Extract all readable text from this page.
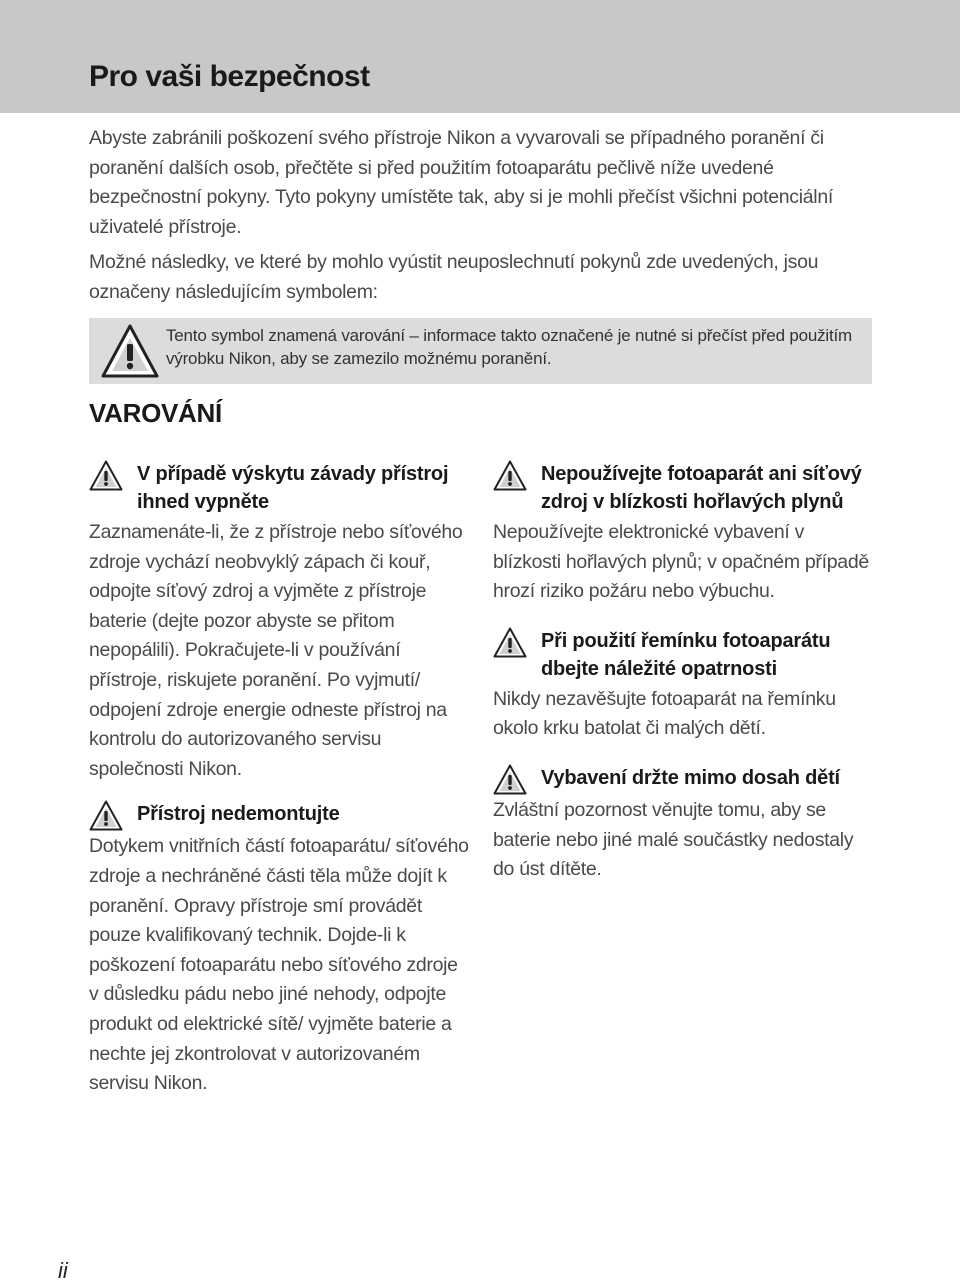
Pro vaši bezpečnost

Abyste zabránili poškození svého přístroje Nikon a vyvarovali se případného poranění či poranění dalších osob, přečtěte si před použitím fotoaparátu pečlivě níže uvedené bezpečnostní pokyny. Tyto pokyny umístěte tak, aby si je mohli přečíst všichni potenciální uživatelé přístroje.

Možné následky, ve které by mohlo vyústit neuposlechnutí pokynů zde uvedených, jsou označeny následujícím symbolem:

Tento symbol znamená varování – informace takto označené je nutné si přečíst před použitím výrobku Nikon, aby se zamezilo možnému poranění.

VAROVÁNÍ
V případě výskytu závady přístroj ihned vypněte

Zaznamenáte-li, že z přístroje nebo síťového zdroje vychází neobvyklý zápach či kouř, odpojte síťový zdroj a vyjměte z přístroje baterie (dejte pozor abyste se přitom nepopálili). Pokračujete-li v používání přístroje, riskujete poranění. Po vyjmutí/ odpojení zdroje energie odneste přístroj na kontrolu do autorizovaného servisu společnosti Nikon.

Přístroj nedemontujte

Dotykem vnitřních částí fotoaparátu/ síťového zdroje a nechráněné části těla může dojít k poranění. Opravy přístroje smí provádět pouze kvalifikovaný technik. Dojde-li k poškození fotoaparátu nebo síťového zdroje v důsledku pádu nebo jiné nehody, odpojte produkt od elektrické sítě/ vyjměte baterie a nechte jej zkontrolovat v autorizovaném servisu Nikon.

Nepoužívejte fotoaparát ani síťový zdroj v blízkosti hořlavých plynů

Nepoužívejte elektronické vybavení v blízkosti hořlavých plynů; v opačném případě hrozí riziko požáru nebo výbuchu.

Při použití řemínku fotoaparátu dbejte náležité opatrnosti

Nikdy nezavěšujte fotoaparát na řemínku okolo krku batolat či malých dětí.

Vybavení držte mimo dosah dětí

Zvláštní pozornost věnujte tomu, aby se baterie nebo jiné malé součástky nedostaly do úst dítěte.

ii
